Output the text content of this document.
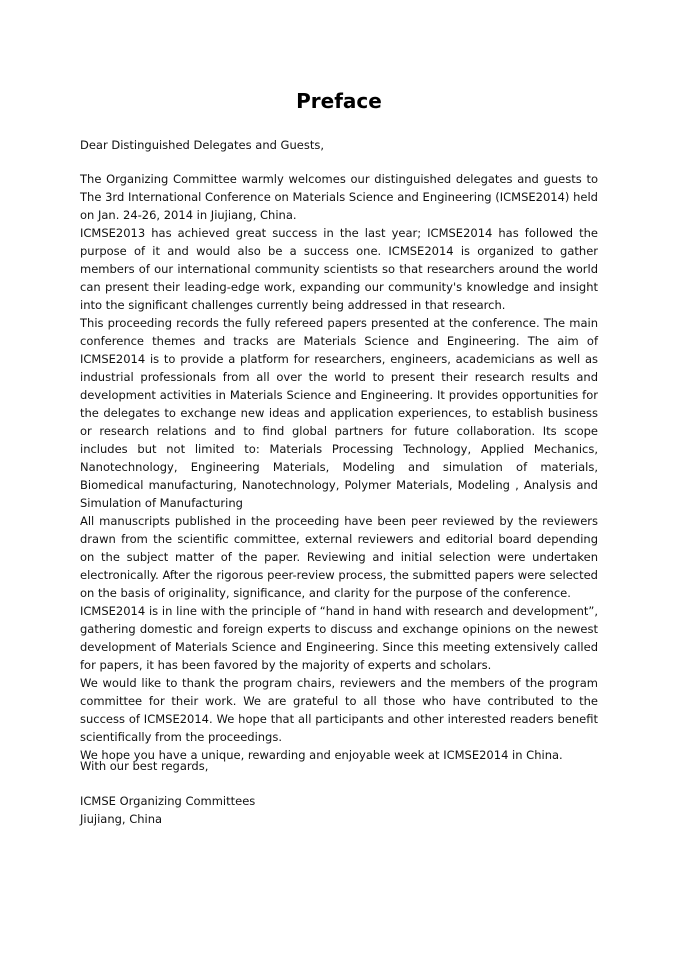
Preface
Dear Distinguished Delegates and Guests,

The Organizing Committee warmly welcomes our distinguished delegates and guests to The 3rd International Conference on Materials Science and Engineering (ICMSE2014) held on Jan. 24-26, 2014 in Jiujiang, China.

ICMSE2013 has achieved great success in the last year; ICMSE2014 has followed the purpose of it and would also be a success one. ICMSE2014 is organized to gather members of our international community scientists so that researchers around the world can present their leading-edge work, expanding our community's knowledge and insight into the significant challenges currently being addressed in that research.

This proceeding records the fully refereed papers presented at the conference. The main conference themes and tracks are Materials Science and Engineering. The aim of ICMSE2014 is to provide a platform for researchers, engineers, academicians as well as industrial professionals from all over the world to present their research results and development activities in Materials Science and Engineering. It provides opportunities for the delegates to exchange new ideas and application experiences, to establish business or research relations and to find global partners for future collaboration. Its scope includes but not limited to: Materials Processing Technology, Applied Mechanics, Nanotechnology, Engineering Materials, Modeling and simulation of materials, Biomedical manufacturing, Nanotechnology, Polymer Materials, Modeling , Analysis and Simulation of Manufacturing

All manuscripts published in the proceeding have been peer reviewed by the reviewers drawn from the scientific committee, external reviewers and editorial board depending on the subject matter of the paper. Reviewing and initial selection were undertaken electronically. After the rigorous peer-review process, the submitted papers were selected on the basis of originality, significance, and clarity for the purpose of the conference.

ICMSE2014 is in line with the principle of “hand in hand with research and development”, gathering domestic and foreign experts to discuss and exchange opinions on the newest development of Materials Science and Engineering. Since this meeting extensively called for papers, it has been favored by the majority of experts and scholars.

We would like to thank the program chairs, reviewers and the members of the program committee for their work. We are grateful to all those who have contributed to the success of ICMSE2014. We hope that all participants and other interested readers benefit scientifically from the proceedings.

We hope you have a unique, rewarding and enjoyable week at ICMSE2014 in China.

With our best regards,
ICMSE Organizing Committees
Jiujiang, China
